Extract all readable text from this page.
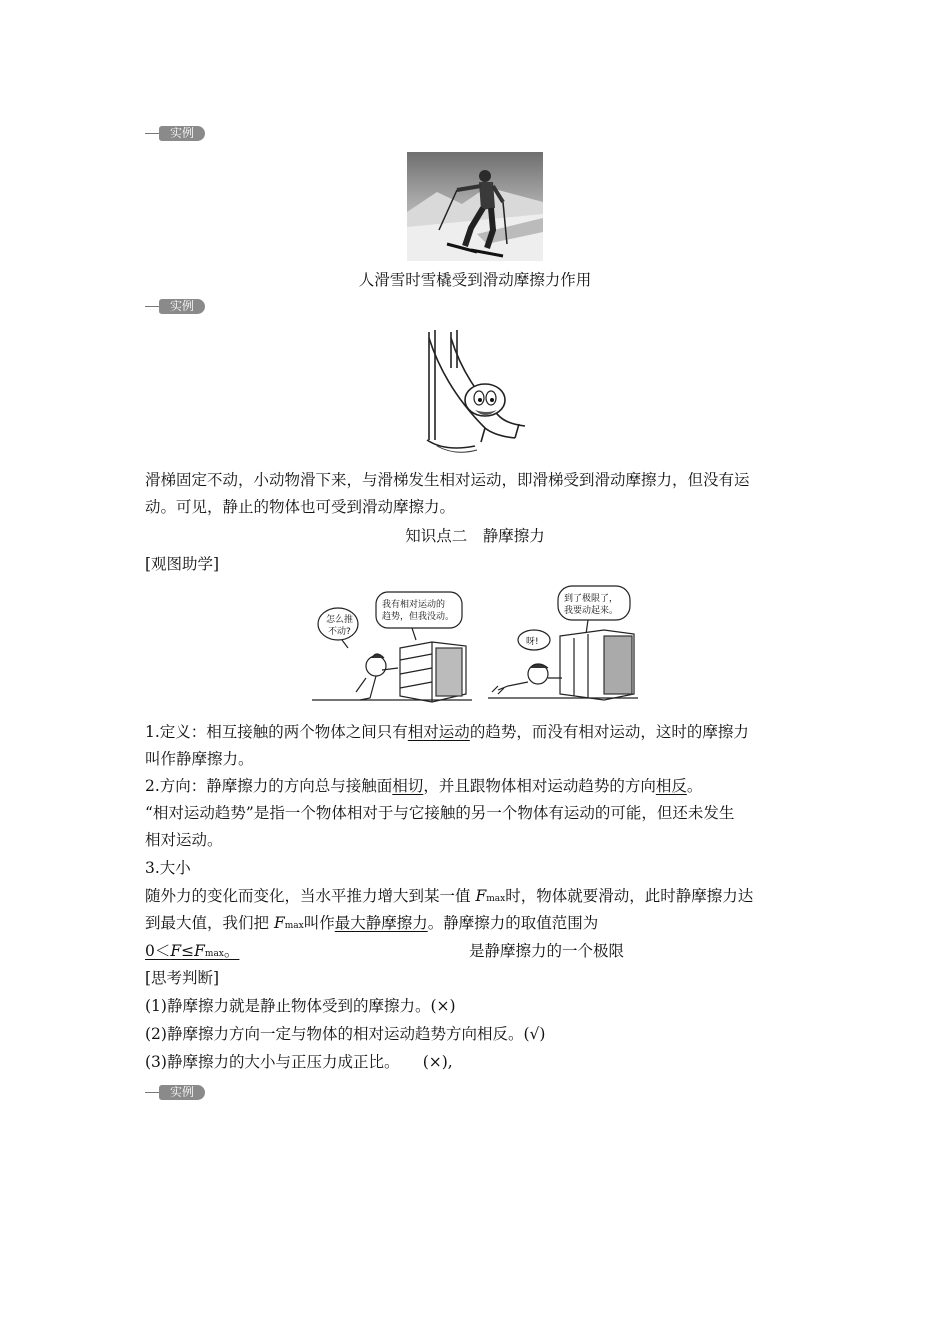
实例
人滑雪时雪橇受到滑动摩擦力作用
实例
滑梯固定不动，小动物滑下来，与滑梯发生相对运动，即滑梯受到滑动摩擦力，但没有运
动。可见，静止的物体也可受到滑动摩擦力。
知识点二　静摩擦力
[观图助学]
怎么推
不动?
我有相对运动的
趋势，但我没动。
到了极限了，
我要动起来。
呀!
1.定义：相互接触的两个物体之间只有相对运动的趋势，而没有相对运动，这时的摩擦力
叫作静摩擦力。
2.方向：静摩擦力的方向总与接触面相切，并且跟物体相对运动趋势的方向相反。
“相对运动趋势”是指一个物体相对于与它接触的另一个物体有运动的可能，但还未发生
相对运动。
3.大小
随外力的变化而变化，当水平推力增大到某一值 Fmax时，物体就要滑动，此时静摩擦力达
到最大值，我们把 Fmax叫作最大静摩擦力。静摩擦力的取值范围为
0＜F≤Fmax。	是静摩擦力的一个极限
[思考判断]
(1)静摩擦力就是静止物体受到的摩擦力。(×)
(2)静摩擦力方向一定与物体的相对运动趋势方向相反。(√)
(3)静摩擦力的大小与正压力成正比。　　(×),
实例
